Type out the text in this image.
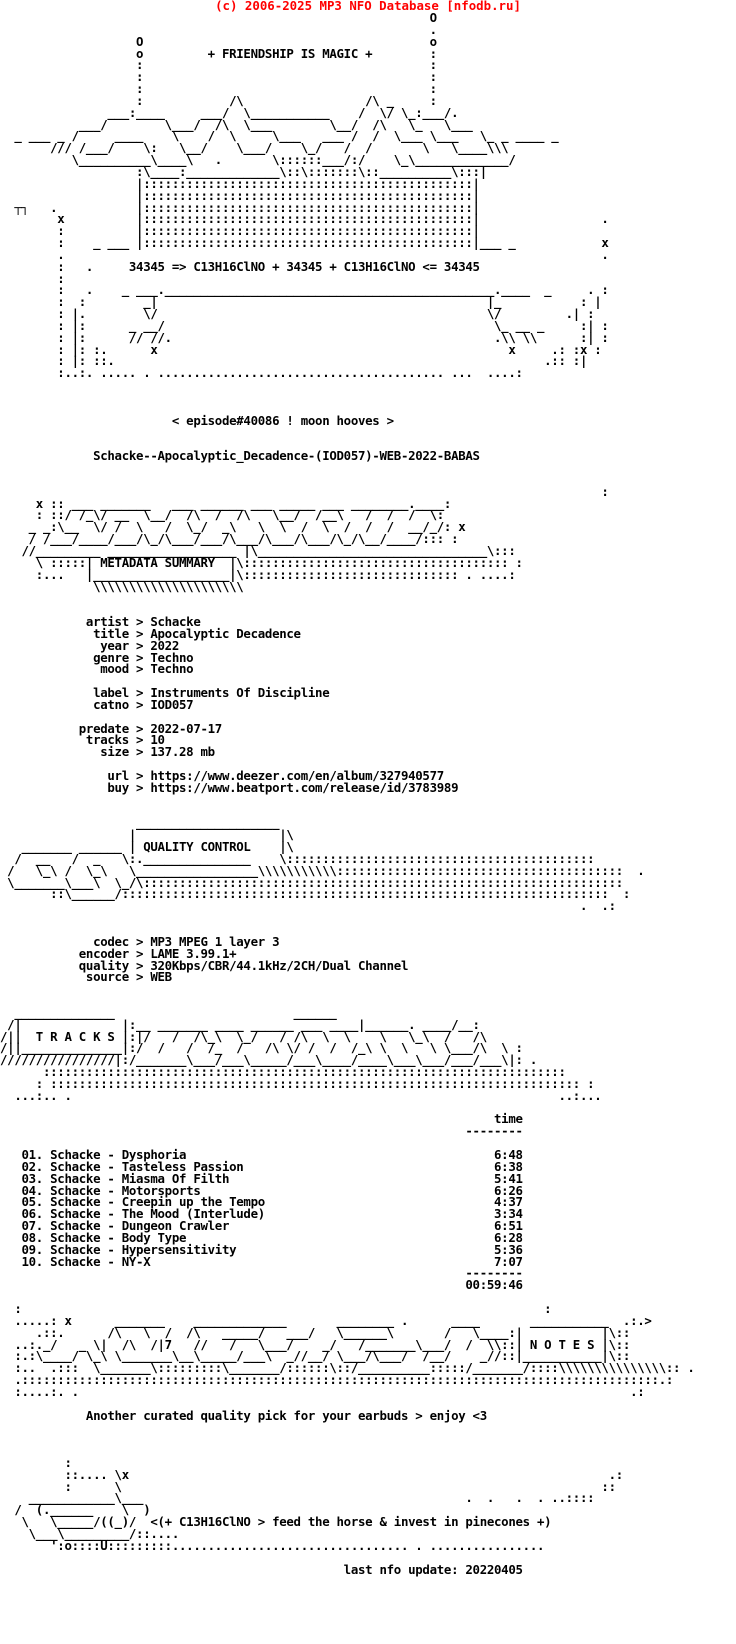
(c) 2006-2025 MP3 NFO Database [nfodb.ru]
O
.
O                                        o
o         + FRIENDSHIP IS MAGIC +        :
:                                        :
:                                        :
:                                        :
:            /\                 /\ _     :
___:____     ___/  \___________    /  \/ \_:___/.
___/        \___/  /\  \___        \__/  /\   \_   \___
_ ___ _ /     ____    \    /  \     \___   ___ /  /  \___ \___   \_ _ ____ _
/// /___/    \:   \__/    \___/    \_/   /  /       \   \____\\\
\__________\____\   .       \::::::___/:/    \_\_____________/
:\____:_____________\::\:::::::\::__________\:::|
|::::::::::::::::::::::::::::::::::::::::::::::|
|::::::::::::::::::::::::::::::::::::::::::::::|
┬┐   .           |::::::::::::::::::::::::::::::::::::::::::::::|
x          |::::::::::::::::::::::::::::::::::::::::::::::|                 .
:          |::::::::::::::::::::::::::::::::::::::::::::::|
:    _ ___ |::::::::::::::::::::::::::::::::::::::::::::::|___ _            x
.                                                                           .
:   .     34345 => C13H16ClNO + 34345 + C13H16ClNO <= 34345
:
:   .    _ ___.______________________________________________.____  _     . :
:  :        _|                                              |_           : |
: |.        \/                                              \/         .| :
: |:      _ __/                                              \_ __ _     :| :
: |:      // //.                                             .\\ \\      :| :
: |: :.      x                                                 x     .: :x :
: |: ::.                                                            .:: :|
:..:. ..... . ........................................ ...  ....:

< episode#40086 ! moon hooves >

Schacke--Apocalyptic_Decadence-(IOD057)-WEB-2022-BABAS

:
x :: ___ _______   ___ ______ ___ _____ ___ ________.____:
: ::/ /_\/ __  \__/  /\  /  /\   \__/  /__\   /  /  /  \:
_ _:\__  \/ /  \   /  \_/  _\   \  \  /  \  /  /  /  __/_/: x
/ /___/____/___/\_/\___/___/\___/\___/\___/\_/\__/____/::: :
//_________ __________________ |\________________________________\:::
\ :::::| METADATA SUMMARY  |\::::::::::::::::::::::::::::::::::::: :
:...   |___________________|\:::::::::::::::::::::::::::::: . ....:
\\\\\\\\\\\\\\\\\\\\\

artist > Schacke
title > Apocalyptic Decadence
year > 2022
genre > Techno
mood > Techno

label > Instruments Of Discipline
catno > IOD057

predate > 2022-07-17
tracks > 10
size > 137.28 mb

url > https://www.deezer.com/en/album/327940577
buy > https://www.beatport.com/release/id/3783989

____________________
|                    |\
_______ ______ | QUALITY CONTROL    |\
/  __   /  _   \:._______________    \:::::::::::::::::::::::::::::::::::::::::::
/   \_\ /  \_\   \_________________\\\\\\\\\\\::::::::::::::::::::::::::::::::::::::::  .
\_______\___\  \_/\:::::::::::::::::::::::::::::::::::::::::::::::::::::::::::::::::::
::\______/::::::::::::::::::::::::::::::::::::::::::::::::::::::::::::::::::::  :
.  .:

codec > MP3 MPEG 1 layer 3
encoder > LAME 3.99.1+
quality > 320Kbps/CBR/44.1kHz/2CH/Dual Channel
source > WEB

______________                         ______
/|              |:__ _______ ____ ______ ___ ____|______. ____/__:
/||  T R A C K S |:|/   /  /\_\  \_/   / /\  \  \    \   \_\  /   /\
/||______________|:/  /   /  /_  /   /\ \/ /  /  /_\ \  \   \ \___/\  \ :
////////////////|:/_______\___/___\_____/___\____/____\___\___/___/___\|: .
:::::::::::::::::::::::::::::::::::::::::::::::::::::::::::::::::::::::::
: :::::::::::::::::::::::::::::::::::::::::::::::::::::::::::::::::::::::::: :
...:.. .                                                                    ..:...

time
--------

01. Schacke - Dysphoria                                           6:48
02. Schacke - Tasteless Passion                                   6:38
03. Schacke - Miasma Of Filth                                     5:41
04. Schacke - Motorsports                                         6:26
05. Schacke - Creepin up the Tempo                                4:37
06. Schacke - The Mood (Interlude)                                3:34
07. Schacke - Dungeon Crawler                                     6:51
08. Schacke - Body Type                                           6:28
09. Schacke - Hypersensitivity                                    5:36
10. Schacke - NY-X                                                7:07
--------
00:59:46

:                                                                         :
.....: x      _______    _____________       ________ .      ____       ___________  .:.>
.::.      /\   \  /  /\   _____/   ___/   \______\       /   \____:|           |\::
..:._/   _ \|  /\  /|7   //   /   \___/    _/   /_______\___/  /  \\::| N O T E S |\::
:.:\____/ \_\ \_______\__\_____/___\  _//__/ \___/\___/  /__/    _//::|___________|\::
:..  .:::  \_______\:::::::::\_______/::::::\::/__________:::::/_______/::::\\\\\\\\\\\\\\\:: .
.:::::::::::::::::::::::::::::::::::::::::::::::::::::::::::::::::::::::::::::::::::::::::.:
:....:. .                                                                             .:

Another curated quality pick for your earbuds > enjoy <3

:
::.... \x                                                                   .:
:      \                                                                   ::
____________\___                                             .  .   .  . ..::::
/  (.______    \  )
\   \_____/((_)/  <(+ C13H16ClNO > feed the horse & invest in pinecones +)
\___\_________/::....
':o::::U:::::::::................................. . ................

last nfo update: 20220405
